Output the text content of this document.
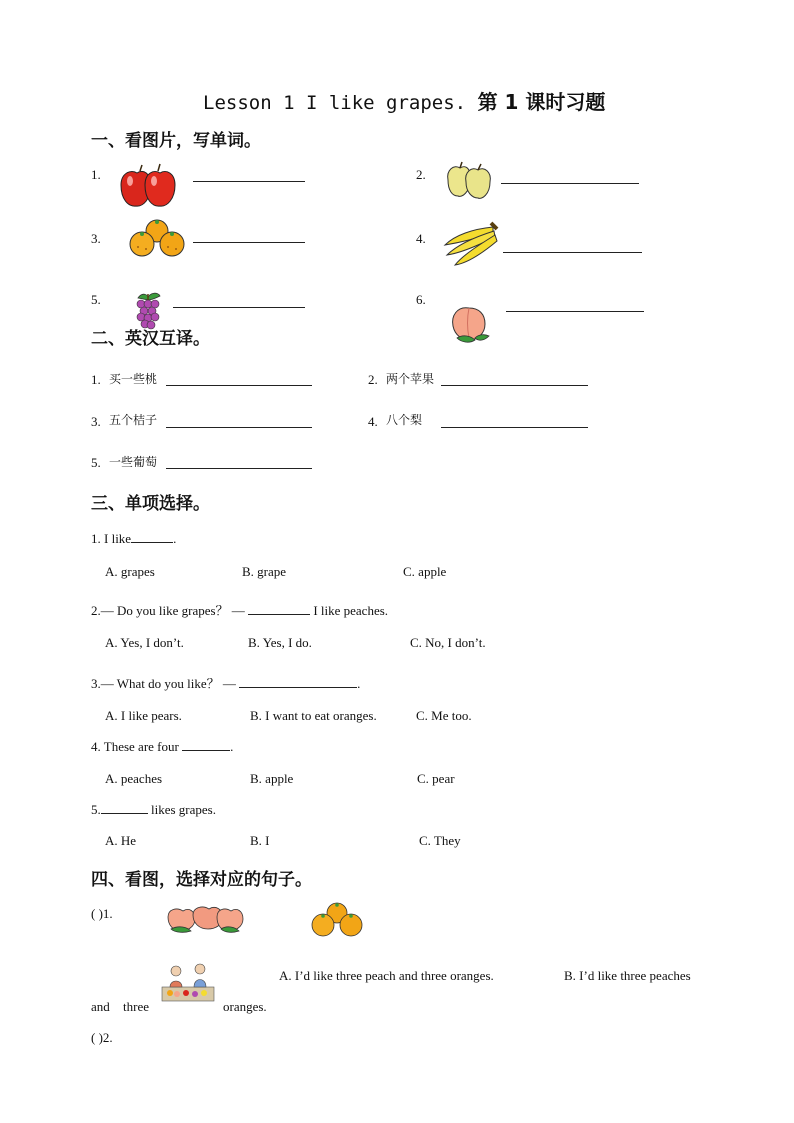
Lesson 1 I like grapes. 第 1 课时习题
一、看图片，写单词。
1.	2.
3.	4.
5.	6.
二、英汉互译。
1. 买一些桃	2. 两个苹果
3. 五个桔子	4. 八个梨
5. 一些葡萄
三、单项选择。
1. I like	.
A. grapes	B. grape	C. apple
2.— Do you like grapes？ —	I like peaches.
A. Yes, I don’t.	B. Yes, I do.	C. No, I don’t.
3.— What do you like？ —	.
A. I like pears.	B. I want to eat oranges.	C. Me too.
4. These are four	.
A. peaches	B. apple	C. pear
5.	likes grapes.
A. He	B. I	C. They
四、看图，选择对应的句子。
( )1.
A. I’d like three peach and three oranges.	B. I’d like three peaches
and three	oranges.
( )2.
